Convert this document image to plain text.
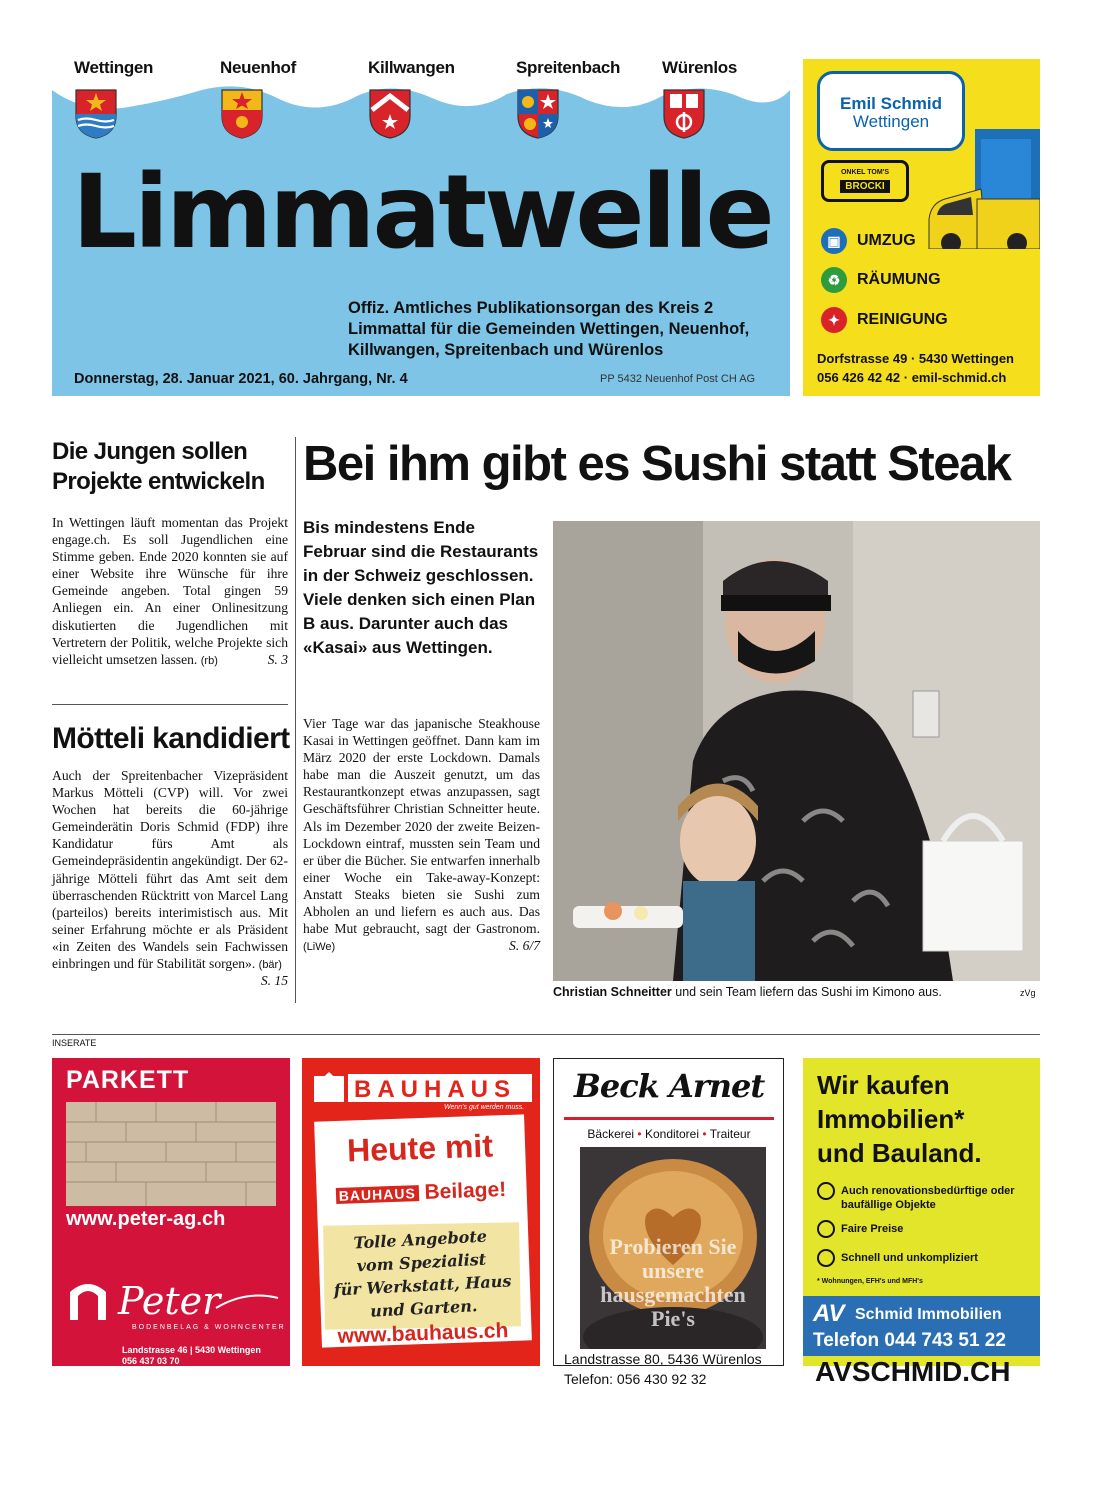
Wettingen	Neuenhof	Killwangen	Spreitenbach Würenlos
Limmatwelle
Offiz. Amtliches Publikationsorgan des Kreis 2
Limmattal für die Gemeinden Wettingen, Neuenhof,
Killwangen, Spreitenbach und Würenlos
Donnerstag, 28. Januar 2021, 60. Jahrgang, Nr. 4	PP 5432 Neuenhof Post CH AG
Emil Schmid
Wettingen
ONKEL TOM'S
BROCKI
▣	UMZUG
♻	RÄUMUNG
✦	REINIGUNG
Dorfstrasse 49 · 5430 Wettingen
056 426 42 42 · emil-schmid.ch
Die Jungen sollen Projekte entwickeln
In Wettingen läuft momentan das Projekt engage.ch. Es soll Jugendlichen eine Stimme geben. Ende 2020 konnten sie auf einer Website ihre Wünsche für ihre Gemeinde angeben. Total gingen 59 Anliegen ein. An einer Onlinesitzung diskutierten die Jugendlichen mit Vertretern der Politik, welche Projekte sich vielleicht umsetzen lassen. (rb)	S. 3
Mötteli kandidiert
Auch der Spreitenbacher Vizepräsident Markus Mötteli (CVP) will. Vor zwei Wochen hat bereits die 60-jährige Gemeinderätin Doris Schmid (FDP) ihre Kandidatur fürs Amt als Gemeindepräsidentin angekündigt. Der 62-jährige Mötteli führt das Amt seit dem überraschenden Rücktritt von Marcel Lang (parteilos) bereits interimistisch aus. Mit seiner Erfahrung möchte er als Präsident «in Zeiten des Wandels sein Fachwissen einbringen und für Stabilität sorgen». (bär)
S. 15
Bei ihm gibt es Sushi statt Steak
Bis mindestens Ende Februar sind die Restaurants in der Schweiz geschlossen. Viele denken sich einen Plan B aus. Darunter auch das «Kasai» aus Wettingen.
Vier Tage war das japanische Steakhouse Kasai in Wettingen geöffnet. Dann kam im März 2020 der erste Lockdown. Damals habe man die Auszeit genutzt, um das Restaurantkonzept etwas anzupassen, sagt Geschäftsführer Christian Schneitter heute. Als im Dezember 2020 der zweite Beizen-Lockdown eintraf, mussten sein Team und er über die Bücher. Sie entwarfen innerhalb einer Woche ein Take-away-Konzept: Anstatt Steaks bieten sie Sushi zum Abholen an und liefern es auch aus. Das habe Mut gebraucht, sagt der Gastronom. (LiWe)	S. 6/7
Christian Schneitter und sein Team liefern das Sushi im Kimono aus.	zVg
INSERATE
PARKETT
www.peter-ag.ch
Peter
BODENBELAG & WOHNCENTER
Landstrasse 46 | 5430 Wettingen
056 437 03 70
BAUHAUS
Wenn's gut werden muss.
Heute mit
BAUHAUS Beilage!
Tolle Angebote
vom Spezialist
für Werkstatt, Haus
und Garten.
www.bauhaus.ch
Beck Arnet
Bäckerei • Konditorei • Traiteur
Probieren Sie
unsere
hausgemachten
Pie's
Landstrasse 80, 5436 Würenlos
Telefon: 056 430 92 32
Wir kaufen
Immobilien*
und Bauland.
Auch renovationsbedürftige oder baufällige Objekte
Faire Preise
Schnell und unkompliziert
* Wohnungen, EFH's und MFH's
AV Schmid Immobilien
Telefon 044 743 51 22
AVSCHMID.CH
